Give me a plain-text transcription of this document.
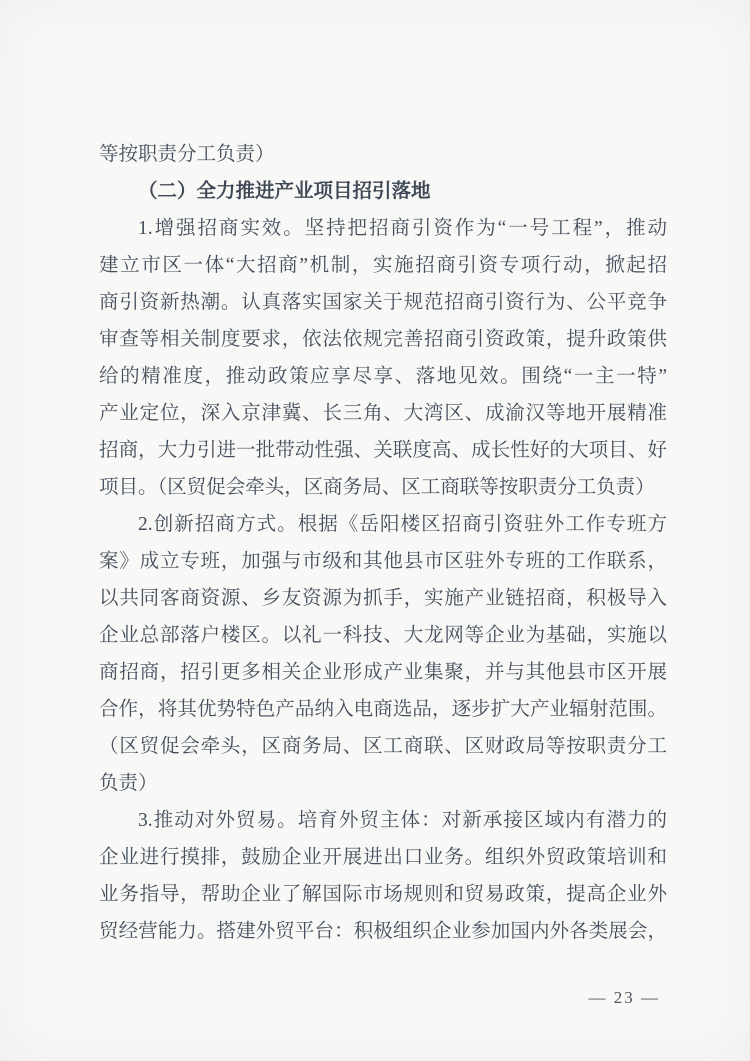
等按职责分工负责）
（二）全力推进产业项目招引落地
1.增强招商实效。坚持把招商引资作为“一号工程”，推动
建立市区一体“大招商”机制，实施招商引资专项行动，掀起招
商引资新热潮。认真落实国家关于规范招商引资行为、公平竞争
审查等相关制度要求，依法依规完善招商引资政策，提升政策供
给的精准度，推动政策应享尽享、落地见效。围绕“一主一特”
产业定位，深入京津冀、长三角、大湾区、成渝汉等地开展精准
招商，大力引进一批带动性强、关联度高、成长性好的大项目、好
项目。（区贸促会牵头，区商务局、区工商联等按职责分工负责）
2.创新招商方式。根据《岳阳楼区招商引资驻外工作专班方
案》成立专班，加强与市级和其他县市区驻外专班的工作联系，
以共同客商资源、乡友资源为抓手，实施产业链招商，积极导入
企业总部落户楼区。以礼一科技、大龙网等企业为基础，实施以
商招商，招引更多相关企业形成产业集聚，并与其他县市区开展
合作，将其优势特色产品纳入电商选品，逐步扩大产业辐射范围。
（区贸促会牵头，区商务局、区工商联、区财政局等按职责分工
负责）
3.推动对外贸易。培育外贸主体：对新承接区域内有潜力的
企业进行摸排，鼓励企业开展进出口业务。组织外贸政策培训和
业务指导，帮助企业了解国际市场规则和贸易政策，提高企业外
贸经营能力。搭建外贸平台：积极组织企业参加国内外各类展会，
— 23 —
